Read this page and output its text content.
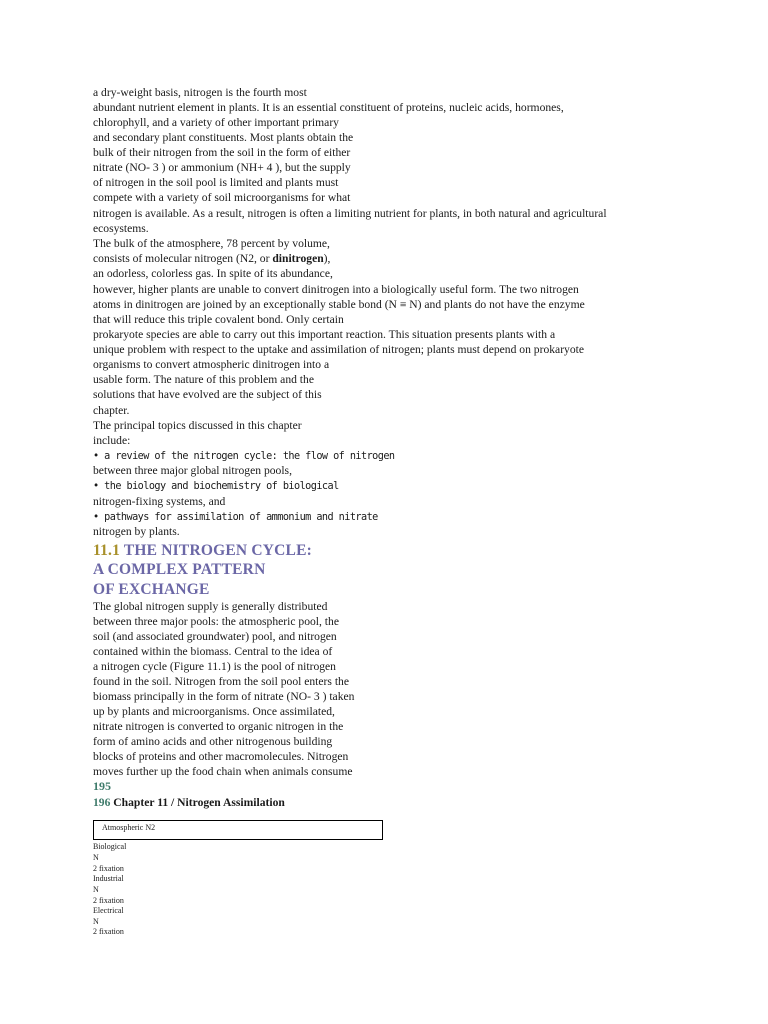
a dry-weight basis, nitrogen is the fourth most
abundant nutrient element in plants. It is an essential constituent of proteins, nucleic acids, hormones,
chlorophyll, and a variety of other important primary
and secondary plant constituents. Most plants obtain the
bulk of their nitrogen from the soil in the form of either
nitrate (NO- 3 ) or ammonium (NH+ 4 ), but the supply
of nitrogen in the soil pool is limited and plants must
compete with a variety of soil microorganisms for what
nitrogen is available. As a result, nitrogen is often a limiting nutrient for plants, in both natural and agricultural
ecosystems.
The bulk of the atmosphere, 78 percent by volume,
consists of molecular nitrogen (N2, or dinitrogen),
an odorless, colorless gas. In spite of its abundance,
however, higher plants are unable to convert dinitrogen into a biologically useful form. The two nitrogen
atoms in dinitrogen are joined by an exceptionally stable bond (N ≡ N) and plants do not have the enzyme
that will reduce this triple covalent bond. Only certain
prokaryote species are able to carry out this important reaction. This situation presents plants with a
unique problem with respect to the uptake and assimilation of nitrogen; plants must depend on prokaryote
organisms to convert atmospheric dinitrogen into a
usable form. The nature of this problem and the
solutions that have evolved are the subject of this
chapter.
The principal topics discussed in this chapter
include:
• a review of the nitrogen cycle: the flow of nitrogen
between three major global nitrogen pools,
• the biology and biochemistry of biological
nitrogen-fixing systems, and
• pathways for assimilation of ammonium and nitrate
nitrogen by plants.
11.1 THE NITROGEN CYCLE:
A COMPLEX PATTERN
OF EXCHANGE
The global nitrogen supply is generally distributed
between three major pools: the atmospheric pool, the
soil (and associated groundwater) pool, and nitrogen
contained within the biomass. Central to the idea of
a nitrogen cycle (Figure 11.1) is the pool of nitrogen
found in the soil. Nitrogen from the soil pool enters the
biomass principally in the form of nitrate (NO- 3 ) taken
up by plants and microorganisms. Once assimilated,
nitrate nitrogen is converted to organic nitrogen in the
form of amino acids and other nitrogenous building
blocks of proteins and other macromolecules. Nitrogen
moves further up the food chain when animals consume
195
196 Chapter 11 / Nitrogen Assimilation
Atmospheric N2
Biological
N
2 fixation
Industrial
N
2 fixation
Electrical
N
2 fixation
